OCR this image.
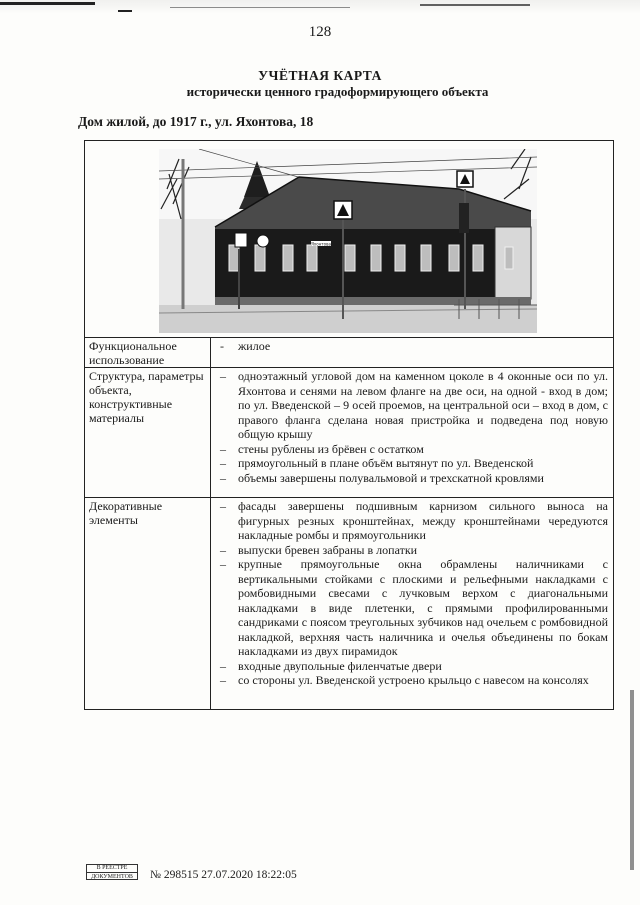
128
УЧЁТНАЯ КАРТА
исторически ценного градоформирующего объекта
Дом жилой, до 1917 г., ул. Яхонтова, 18
Яхонтова
Функциональное использование
- жилое
Структура, параметры объекта, конструктивные материалы
– одноэтажный угловой дом на каменном цоколе в 4 оконные оси по ул. Яхонтова и сенями на левом фланге на две оси, на одной - вход в дом; по ул. Введенской – 9 осей проемов, на центральной оси – вход в дом, с правого фланга сделана новая пристройка и подведена под новую общую крышу
– стены рублены из брёвен с остатком
– прямоугольный в плане объём вытянут по ул. Введенской
– объемы завершены полувальмовой и трехскатной кровлями
Декоративные элементы
– фасады завершены подшивным карнизом сильного выноса на фигурных резных кронштейнах, между кронштейнами чередуются накладные ромбы и прямоугольники
– выпуски бревен забраны в лопатки
– крупные прямоугольные окна обрамлены наличниками с вертикальными стойками с плоскими и рельефными накладками с ромбовидными свесами с лучковым верхом с диагональными накладками в виде плетенки, с прямыми профилированными сандриками с поясом треугольных зубчиков над очельем с ромбовидной накладкой, верхняя часть наличника и очелья объединены по бокам накладками из двух пирамидок
– входные двупольные филенчатые двери
– со стороны ул. Введенской устроено крыльцо с навесом на консолях
В РЕЕСТРЕ
ДОКУМЕНТОВ	№ 298515 27.07.2020 18:22:05
